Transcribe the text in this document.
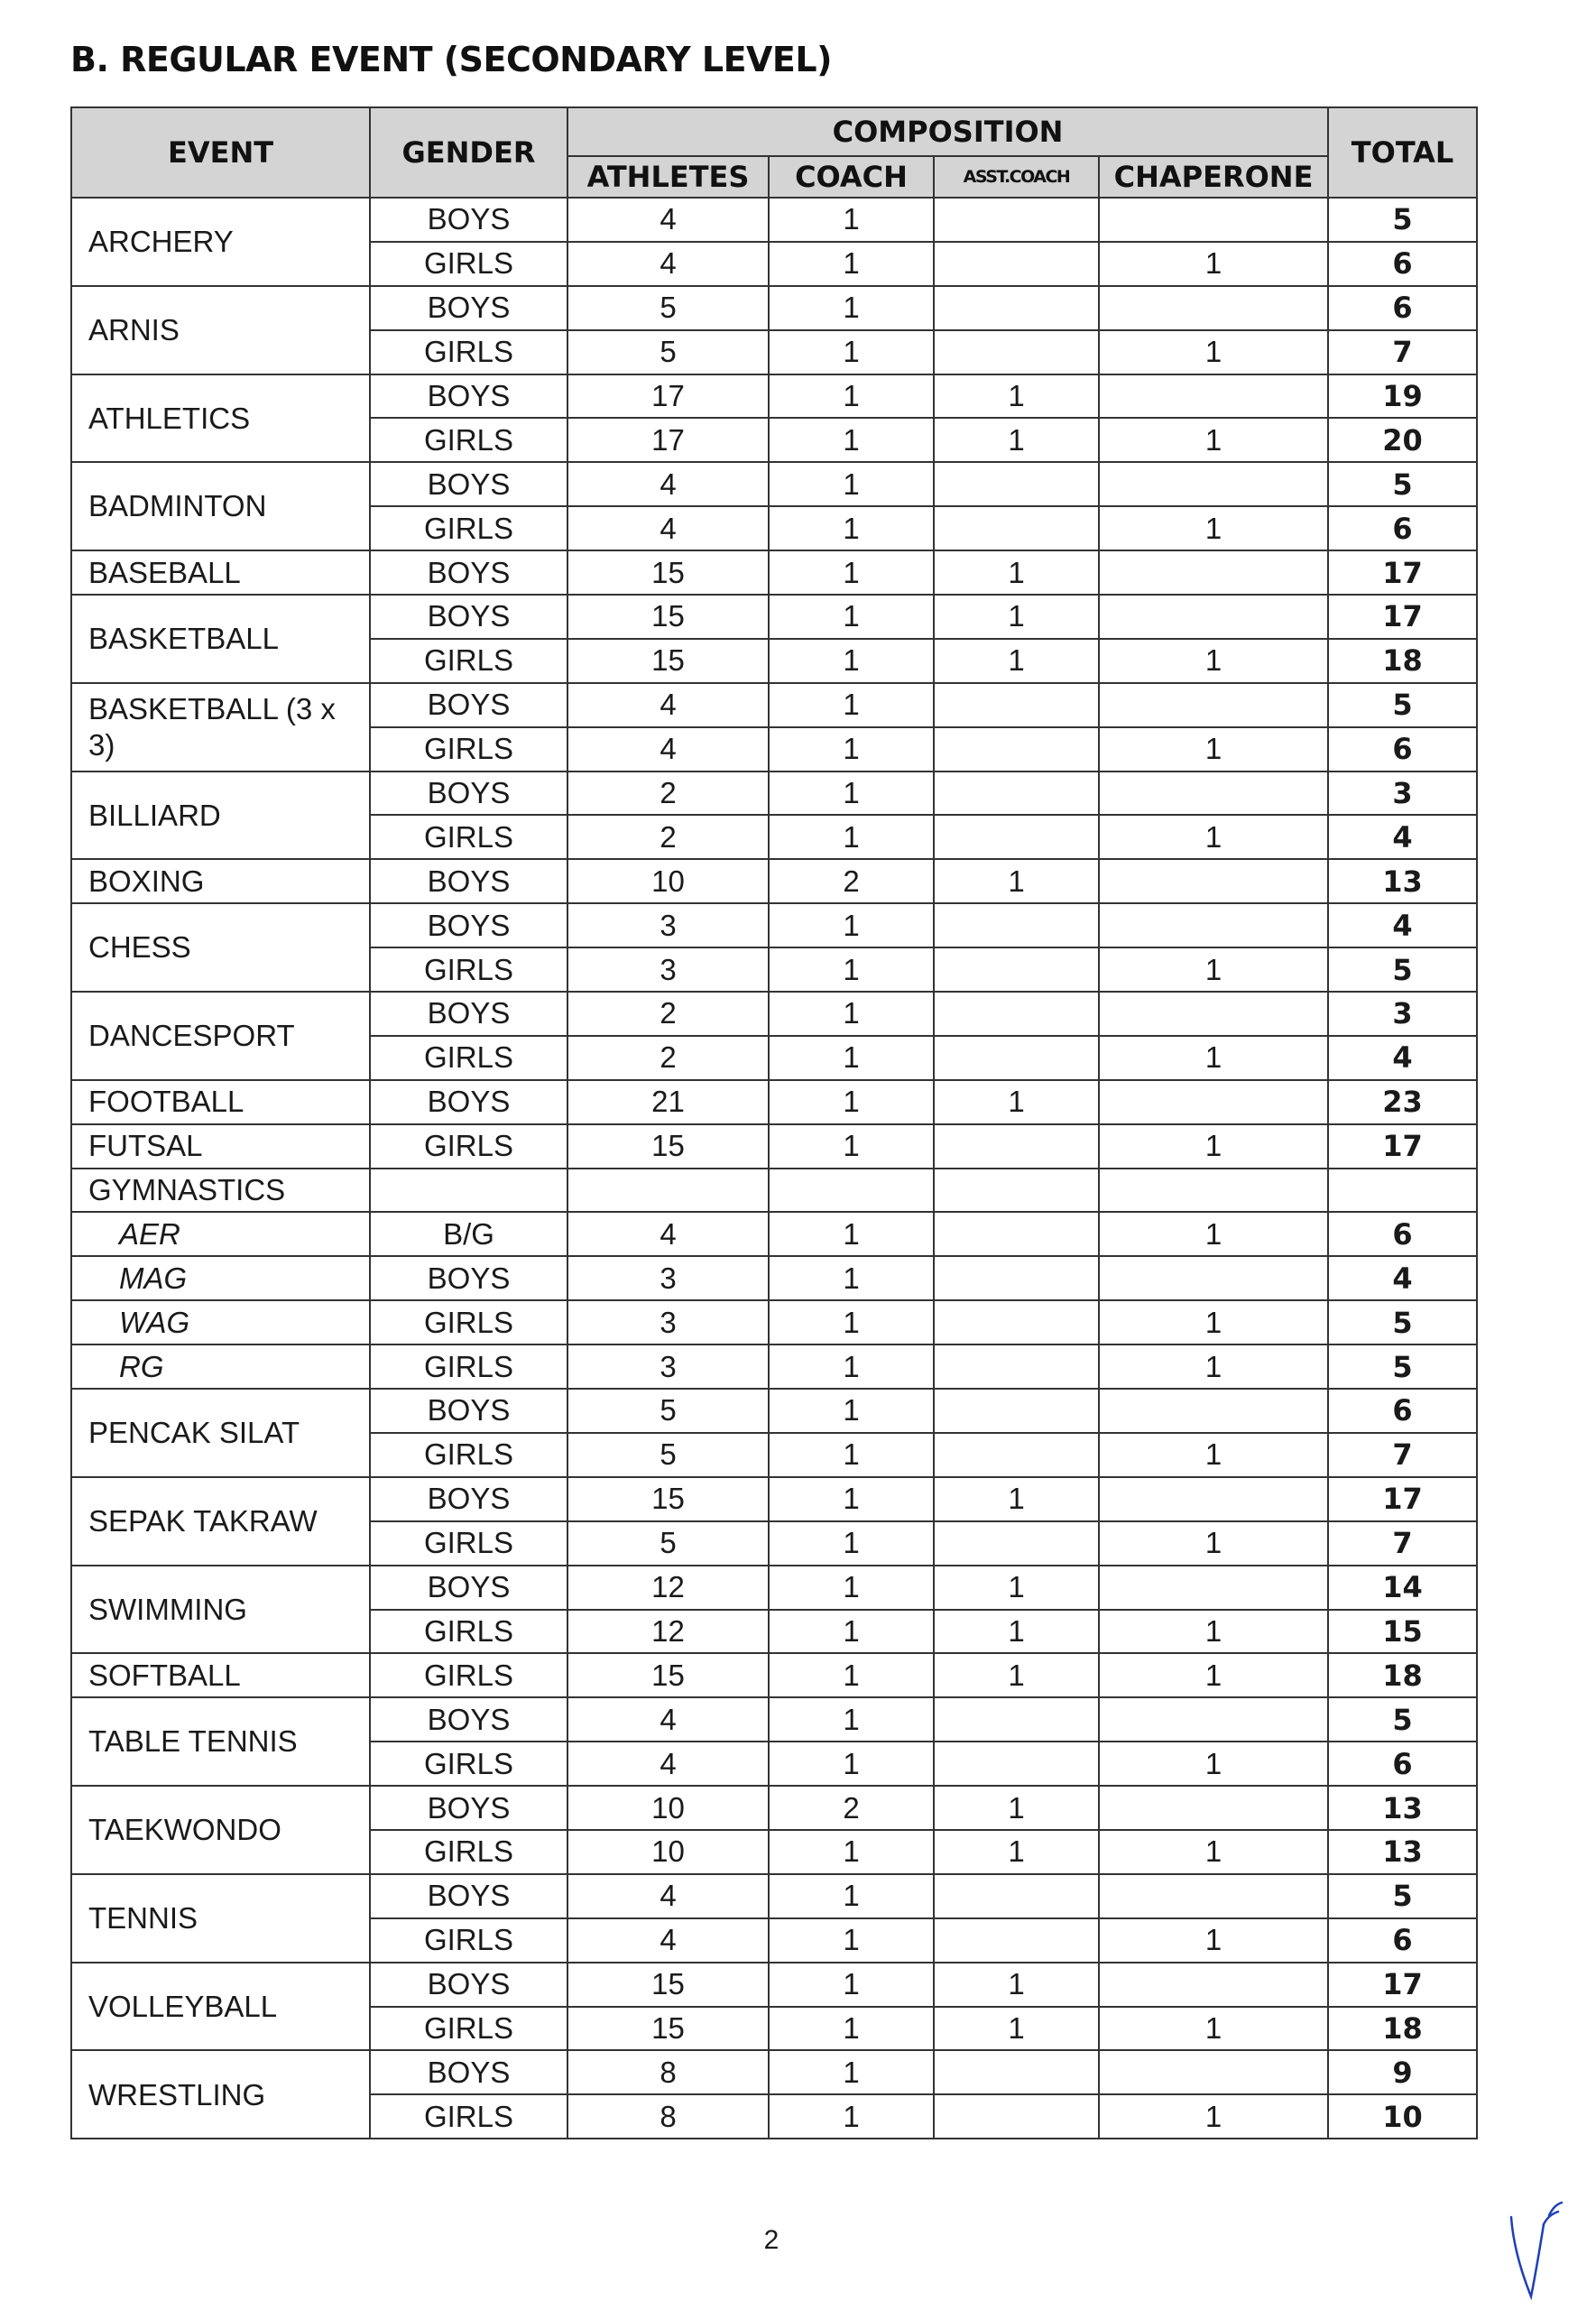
B. REGULAR EVENT (SECONDARY LEVEL)
EVENT	GENDER	COMPOSITION				TOTAL
		ATHLETES	COACH	ASST.COACH	CHAPERONE	
ARCHERY	BOYS	4	1			5
	GIRLS	4	1		1	6
ARNIS	BOYS	5	1			6
	GIRLS	5	1		1	7
ATHLETICS	BOYS	17	1	1		19
	GIRLS	17	1	1	1	20
BADMINTON	BOYS	4	1			5
	GIRLS	4	1		1	6
BASEBALL	BOYS	15	1	1		17
BASKETBALL	BOYS	15	1	1		17
	GIRLS	15	1	1	1	18
BASKETBALL (3 x 3)	BOYS	4	1			5
	GIRLS	4	1		1	6
BILLIARD	BOYS	2	1			3
	GIRLS	2	1		1	4
BOXING	BOYS	10	2	1		13
CHESS	BOYS	3	1			4
	GIRLS	3	1		1	5
DANCESPORT	BOYS	2	1			3
	GIRLS	2	1		1	4
FOOTBALL	BOYS	21	1	1		23
FUTSAL	GIRLS	15	1		1	17
GYMNASTICS						
AER	B/G	4	1		1	6
MAG	BOYS	3	1			4
WAG	GIRLS	3	1		1	5
RG	GIRLS	3	1		1	5
PENCAK SILAT	BOYS	5	1			6
	GIRLS	5	1		1	7
SEPAK TAKRAW	BOYS	15	1	1		17
	GIRLS	5	1		1	7
SWIMMING	BOYS	12	1	1		14
	GIRLS	12	1	1	1	15
SOFTBALL	GIRLS	15	1	1	1	18
TABLE TENNIS	BOYS	4	1			5
	GIRLS	4	1		1	6
TAEKWONDO	BOYS	10	2	1		13
	GIRLS	10	1	1	1	13
TENNIS	BOYS	4	1			5
	GIRLS	4	1		1	6
VOLLEYBALL	BOYS	15	1	1		17
	GIRLS	15	1	1	1	18
WRESTLING	BOYS	8	1			9
	GIRLS	8	1		1	10
2
